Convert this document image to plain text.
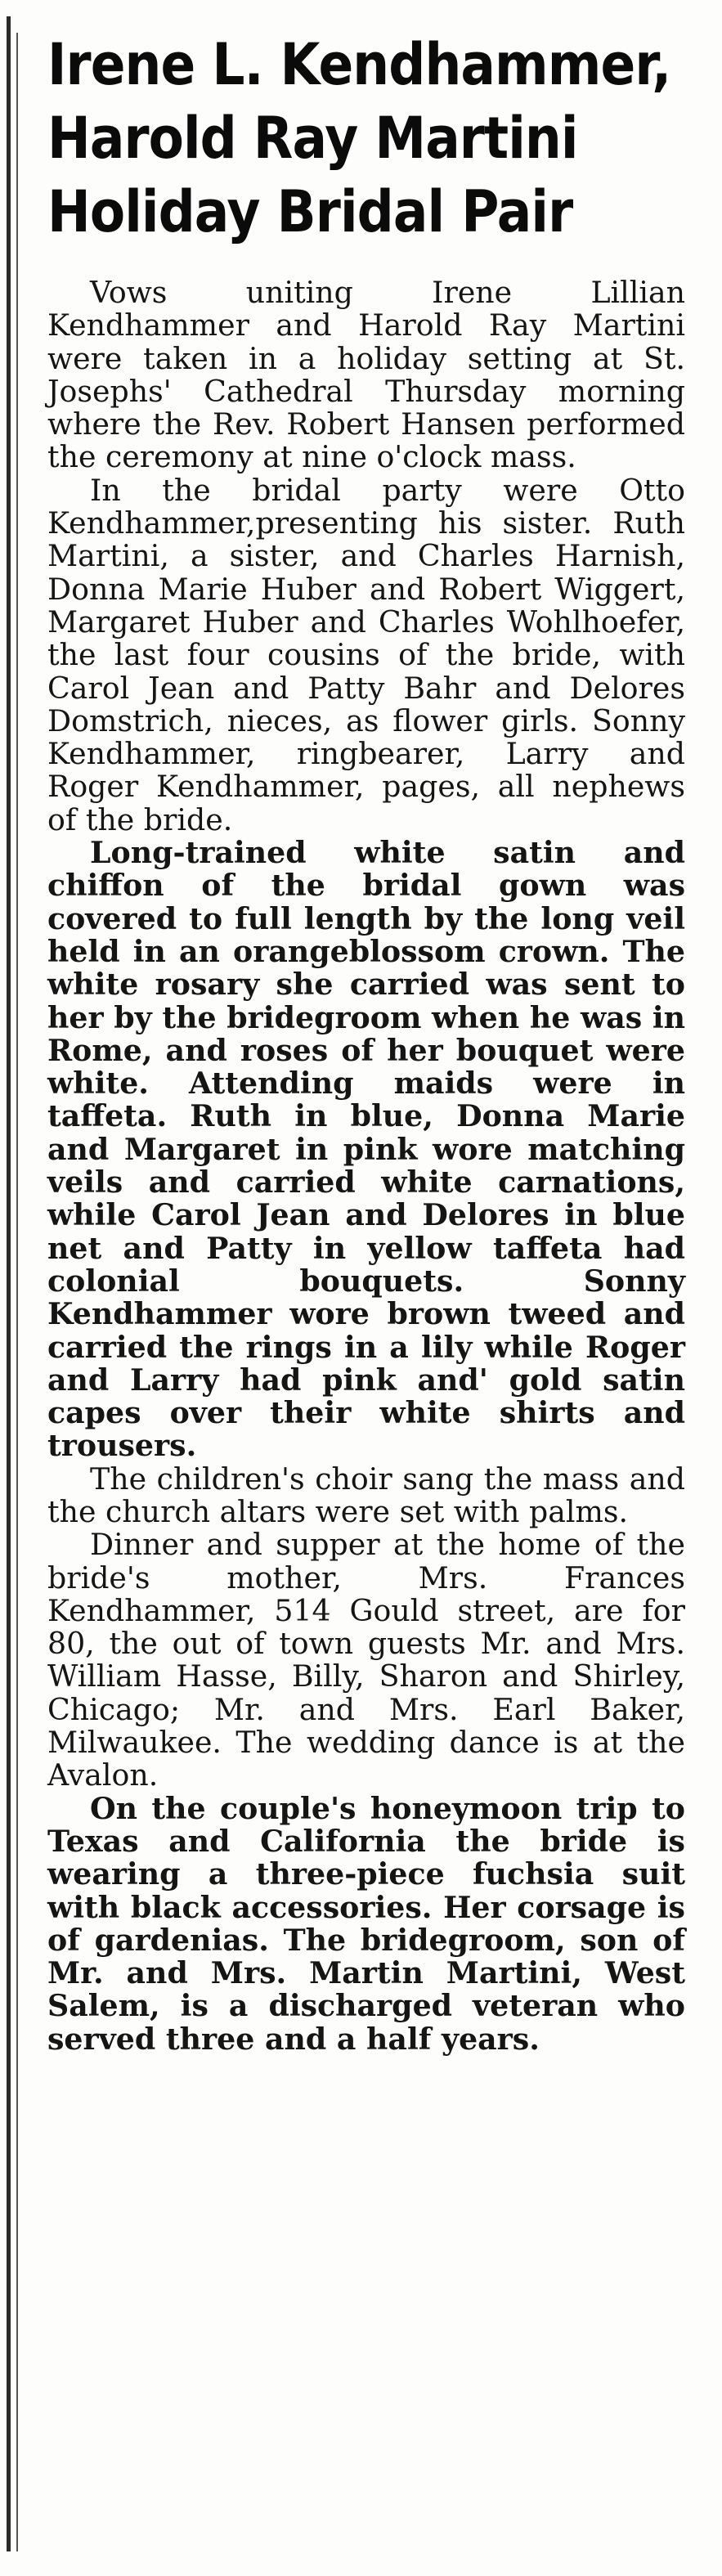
Irene L. Kendhammer,
Harold Ray Martini
Holiday Bridal Pair

Vows uniting Irene Lillian Kendhammer and Harold Ray Martini were taken in a holiday setting at St. Josephs' Cathedral Thursday morning where the Rev. Robert Hansen performed the ceremony at nine o'clock mass.

In the bridal party were Otto Kendhammer,presenting his sister. Ruth Martini, a sister, and Charles Harnish, Donna Marie Huber and Robert Wiggert, Margaret Huber and Charles Wohlhoefer, the last four cousins of the bride, with Carol Jean and Patty Bahr and Delores Domstrich, nieces, as flower girls. Sonny Kendhammer, ringbearer, Larry and Roger Kendhammer, pages, all nephews of the bride.

Long-trained white satin and chiffon of the bridal gown was covered to full length by the long veil held in an orangeblossom crown. The white rosary she carried was sent to her by the bridegroom when he was in Rome, and roses of her bouquet were white. Attending maids were in taffeta. Ruth in blue, Donna Marie and Margaret in pink wore matching veils and carried white carnations, while Carol Jean and Delores in blue net and Patty in yellow taffeta had colonial bouquets. Sonny Kendhammer wore brown tweed and carried the rings in a lily while Roger and Larry had pink and' gold satin capes over their white shirts and trousers.

The children's choir sang the mass and the church altars were set with palms.

Dinner and supper at the home of the bride's mother, Mrs. Frances Kendhammer, 514 Gould street, are for 80, the out of town guests Mr. and Mrs. William Hasse, Billy, Sharon and Shirley, Chicago; Mr. and Mrs. Earl Baker, Milwaukee. The wedding dance is at the Avalon.

On the couple's honeymoon trip to Texas and California the bride is wearing a three-piece fuchsia suit with black accessories. Her corsage is of gardenias. The bridegroom, son of Mr. and Mrs. Martin Martini, West Salem, is a discharged veteran who served three and a half years.
